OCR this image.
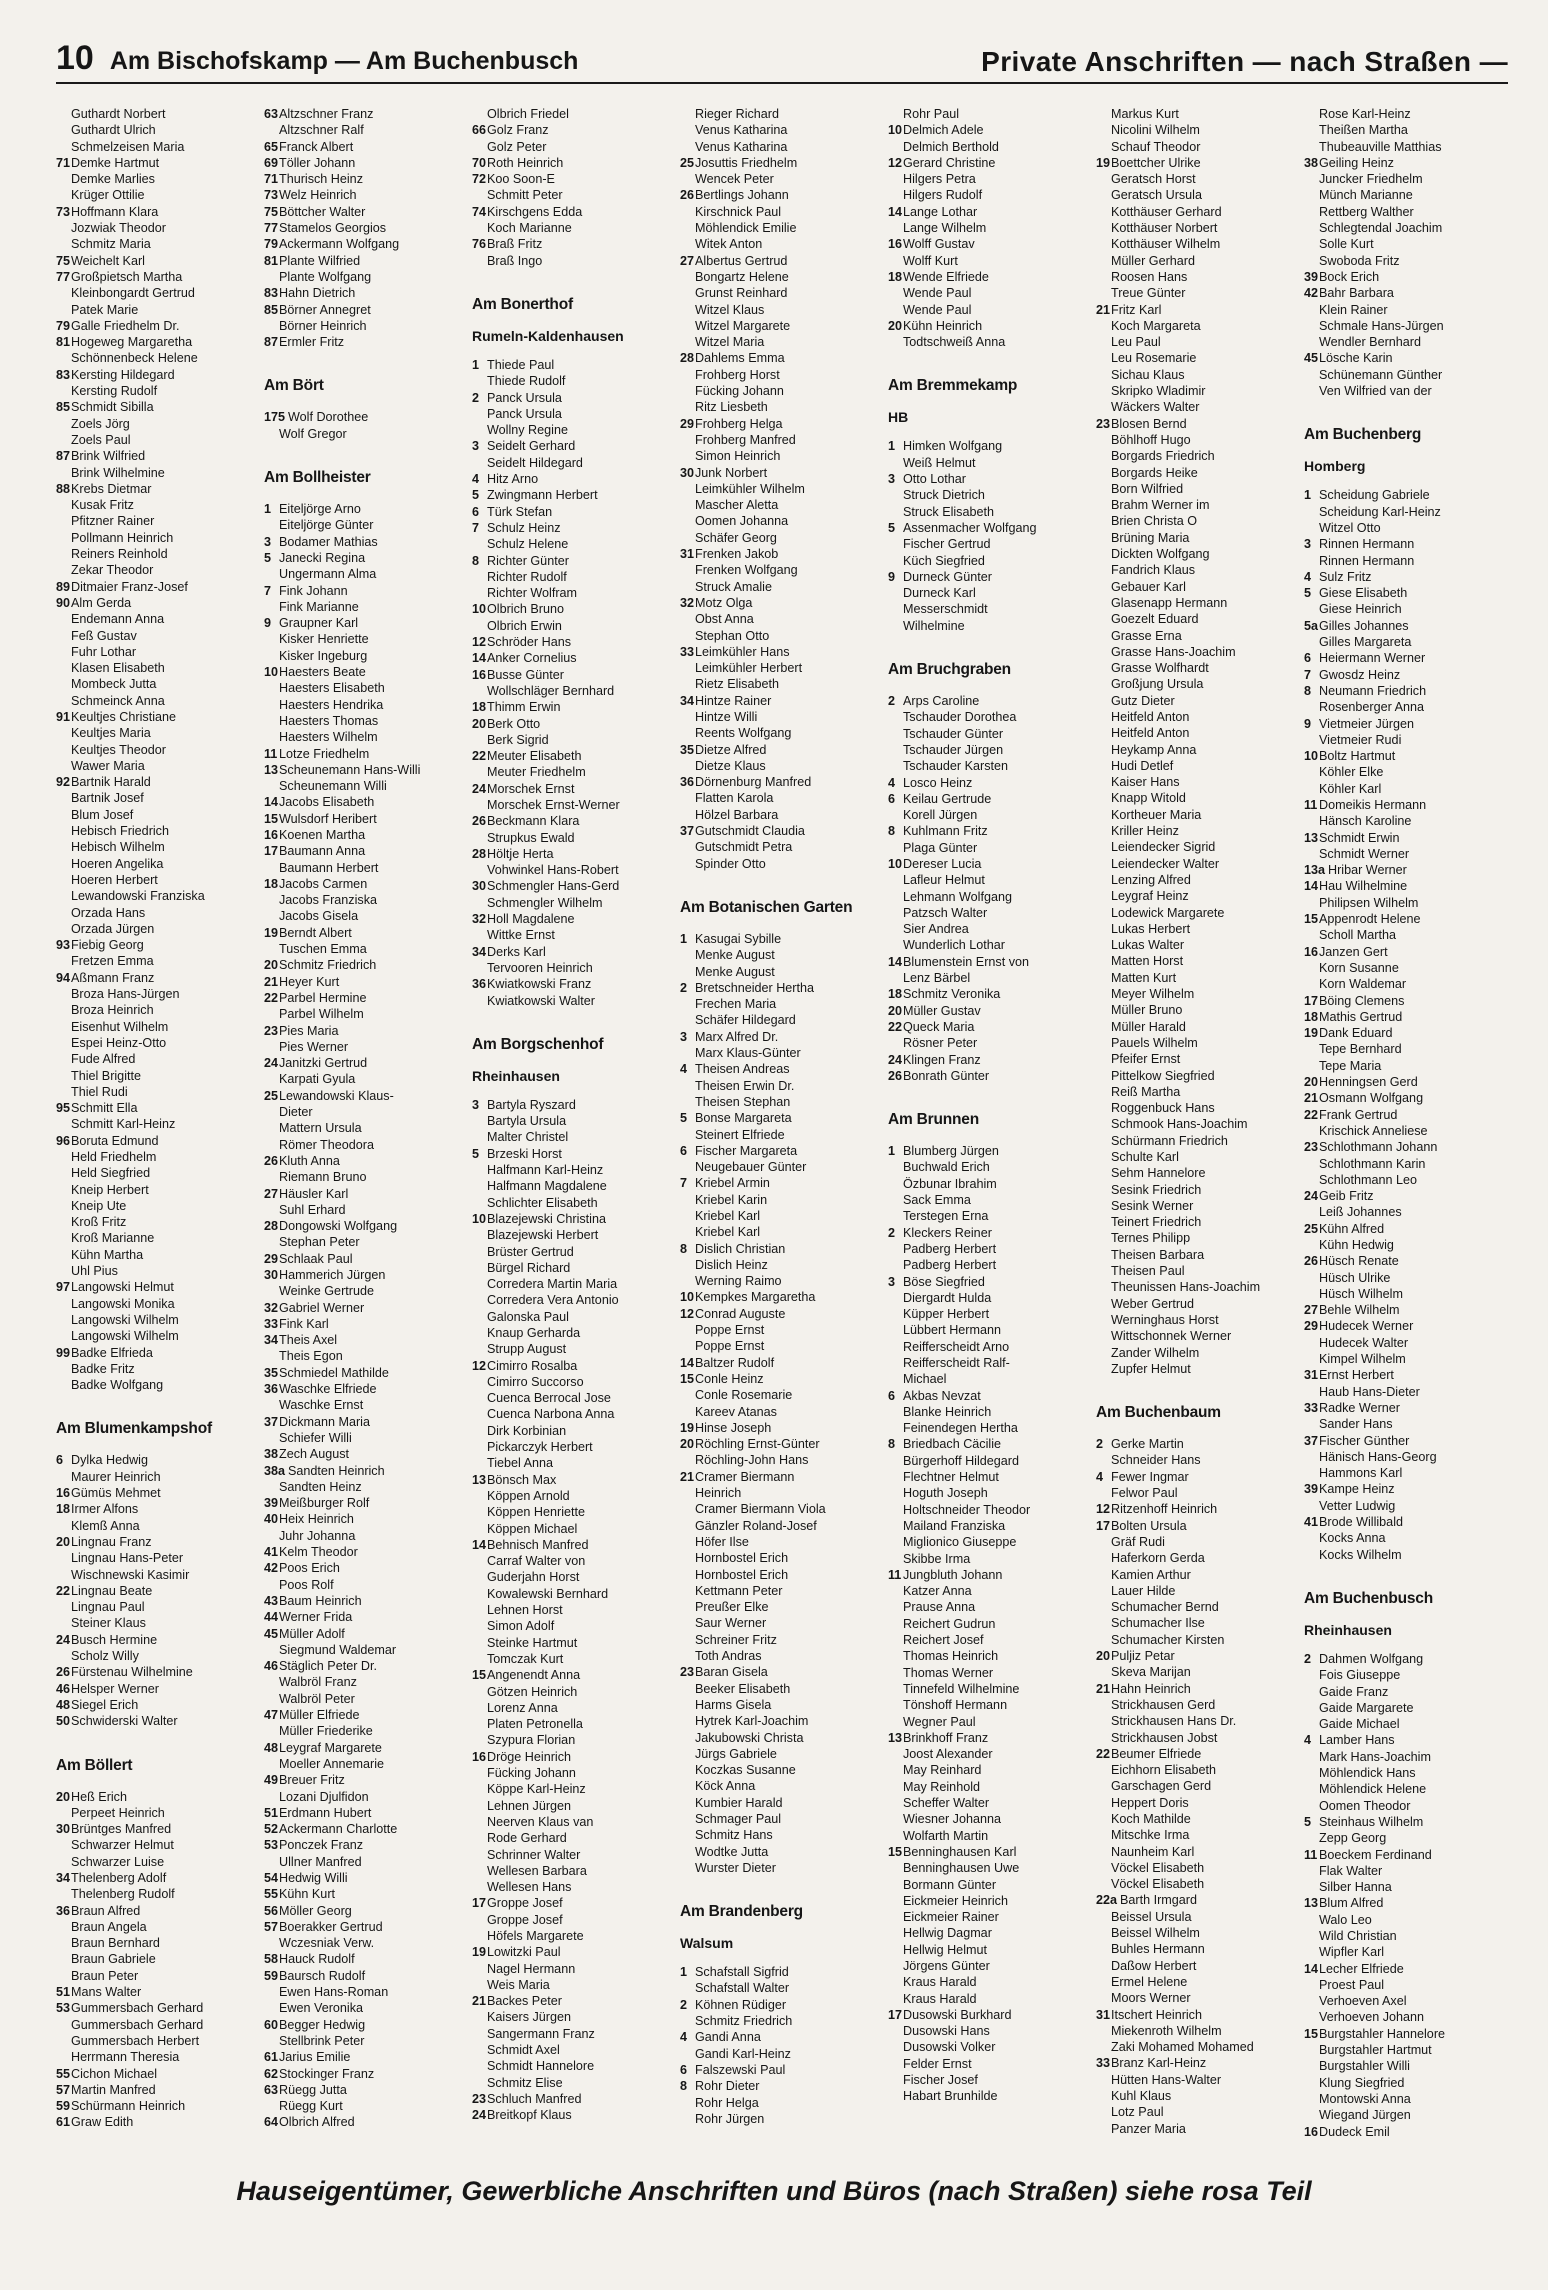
10 Am Bischofskamp — Am Buchenbusch	Private Anschriften — nach Straßen —
Guthardt Norbert
Guthardt Ulrich
Schmelzeisen Maria
71 Demke Hartmut
Demke Marlies
Krüger Ottilie
73 Hoffmann Klara
Jozwiak Theodor
Schmitz Maria
75 Weichelt Karl
77 Großpietsch Martha
Kleinbongardt Gertrud
Patek Marie
79 Galle Friedhelm Dr.
81 Hogeweg Margaretha
Schönnenbeck Helene
83 Kersting Hildegard
Kersting Rudolf
85 Schmidt Sibilla
Zoels Jörg
Zoels Paul
87 Brink Wilfried
Brink Wilhelmine
88 Krebs Dietmar
Kusak Fritz
Pfitzner Rainer
Pollmann Heinrich
Reiners Reinhold
Zekar Theodor
89 Ditmaier Franz-Josef
90 Alm Gerda
Endemann Anna
Feß Gustav
Fuhr Lothar
Klasen Elisabeth
Mombeck Jutta
Schmeinck Anna
91 Keultjes Christiane
Keultjes Maria
Keultjes Theodor
Wawer Maria
92 Bartnik Harald
Bartnik Josef
Blum Josef
Hebisch Friedrich
Hebisch Wilhelm
Hoeren Angelika
Hoeren Herbert
Lewandowski Franziska
Orzada Hans
Orzada Jürgen
93 Fiebig Georg
Fretzen Emma
94 Aßmann Franz
Broza Hans-Jürgen
Broza Heinrich
Eisenhut Wilhelm
Espei Heinz-Otto
Fude Alfred
Thiel Brigitte
Thiel Rudi
95 Schmitt Ella
Schmitt Karl-Heinz
96 Boruta Edmund
Held Friedhelm
Held Siegfried
Kneip Herbert
Kneip Ute
Kroß Fritz
Kroß Marianne
Kühn Martha
Uhl Pius
97 Langowski Helmut
Langowski Monika
Langowski Wilhelm
Langowski Wilhelm
99 Badke Elfrieda
Badke Fritz
Badke Wolfgang
Am Blumenkampshof
6 Dylka Hedwig
Maurer Heinrich
16 Gümüs Mehmet
18 Irmer Alfons
Klemß Anna
20 Lingnau Franz
Lingnau Hans-Peter
Wischnewski Kasimir
22 Lingnau Beate
Lingnau Paul
Steiner Klaus
24 Busch Hermine
Scholz Willy
26 Fürstenau Wilhelmine
46 Helsper Werner
48 Siegel Erich
50 Schwiderski Walter
Am Böllert
20 Heß Erich
Perpeet Heinrich
30 Brüntges Manfred
Schwarzer Helmut
Schwarzer Luise
34 Thelenberg Adolf
Thelenberg Rudolf
36 Braun Alfred
Braun Angela
Braun Bernhard
Braun Gabriele
Braun Peter
51 Mans Walter
53 Gummersbach Gerhard
Gummersbach Gerhard
Gummersbach Herbert
Herrmann Theresia
55 Cichon Michael
57 Martin Manfred
59 Schürmann Heinrich
61 Graw Edith
63 Altzschner Franz
Altzschner Ralf
65 Franck Albert
69 Töller Johann
71 Thurisch Heinz
73 Welz Heinrich
75 Böttcher Walter
77 Stamelos Georgios
79 Ackermann Wolfgang
81 Plante Wilfried
Plante Wolfgang
83 Hahn Dietrich
85 Börner Annegret
Börner Heinrich
87 Ermler Fritz
Am Bört
175 Wolf Dorothee
Wolf Gregor
Am Bollheister
1 Eiteljörge Arno
Eiteljörge Günter
3 Bodamer Mathias
5 Janecki Regina
Ungermann Alma
7 Fink Johann
Fink Marianne
9 Graupner Karl
Kisker Henriette
Kisker Ingeburg
10 Haesters Beate
Haesters Elisabeth
Haesters Hendrika
Haesters Thomas
Haesters Wilhelm
11 Lotze Friedhelm
13 Scheunemann Hans-Willi
Scheunemann Willi
14 Jacobs Elisabeth
15 Wulsdorf Heribert
16 Koenen Martha
17 Baumann Anna
Baumann Herbert
18 Jacobs Carmen
Jacobs Franziska
Jacobs Gisela
19 Berndt Albert
Tuschen Emma
20 Schmitz Friedrich
21 Heyer Kurt
22 Parbel Hermine
Parbel Wilhelm
23 Pies Maria
Pies Werner
24 Janitzki Gertrud
Karpati Gyula
25 Lewandowski Klaus-
Dieter
Mattern Ursula
Römer Theodora
26 Kluth Anna
Riemann Bruno
27 Häusler Karl
Suhl Erhard
28 Dongowski Wolfgang
Stephan Peter
29 Schlaak Paul
30 Hammerich Jürgen
Weinke Gertrude
32 Gabriel Werner
33 Fink Karl
34 Theis Axel
Theis Egon
35 Schmiedel Mathilde
36 Waschke Elfriede
Waschke Ernst
37 Dickmann Maria
Schiefer Willi
38 Zech August
38a Sandten Heinrich
Sandten Heinz
39 Meißburger Rolf
40 Heix Heinrich
Juhr Johanna
41 Kelm Theodor
42 Poos Erich
Poos Rolf
43 Baum Heinrich
44 Werner Frida
45 Müller Adolf
Siegmund Waldemar
46 Stäglich Peter Dr.
Walbröl Franz
Walbröl Peter
47 Müller Elfriede
Müller Friederike
48 Leygraf Margarete
Moeller Annemarie
49 Breuer Fritz
Lozani Djulfidon
51 Erdmann Hubert
52 Ackermann Charlotte
53 Ponczek Franz
Ullner Manfred
54 Hedwig Willi
55 Kühn Kurt
56 Möller Georg
57 Boerakker Gertrud
Wczesniak Verw.
58 Hauck Rudolf
59 Baursch Rudolf
Ewen Hans-Roman
Ewen Veronika
60 Begger Hedwig
Stellbrink Peter
61 Jarius Emilie
62 Stockinger Franz
63 Rüegg Jutta
Rüegg Kurt
64 Olbrich Alfred
Olbrich Friedel
66 Golz Franz
Golz Peter
70 Roth Heinrich
72 Koo Soon-E
Schmitt Peter
74 Kirschgens Edda
Koch Marianne
76 Braß Fritz
Braß Ingo
Am Bonerthof
Rumeln-Kaldenhausen
1 Thiede Paul
Thiede Rudolf
2 Panck Ursula
Panck Ursula
Wollny Regine
3 Seidelt Gerhard
Seidelt Hildegard
4 Hitz Arno
5 Zwingmann Herbert
6 Türk Stefan
7 Schulz Heinz
Schulz Helene
8 Richter Günter
Richter Rudolf
Richter Wolfram
10 Olbrich Bruno
Olbrich Erwin
12 Schröder Hans
14 Anker Cornelius
16 Busse Günter
Wollschläger Bernhard
18 Thimm Erwin
20 Berk Otto
Berk Sigrid
22 Meuter Elisabeth
Meuter Friedhelm
24 Morschek Ernst
Morschek Ernst-Werner
26 Beckmann Klara
Strupkus Ewald
28 Höltje Herta
Vohwinkel Hans-Robert
30 Schmengler Hans-Gerd
Schmengler Wilhelm
32 Holl Magdalene
Wittke Ernst
34 Derks Karl
Tervooren Heinrich
36 Kwiatkowski Franz
Kwiatkowski Walter
Am Borgschenhof
Rheinhausen
3 Bartyla Ryszard
Bartyla Ursula
Malter Christel
5 Brzeski Horst
Halfmann Karl-Heinz
Halfmann Magdalene
Schlichter Elisabeth
10 Blazejewski Christina
Blazejewski Herbert
Brüster Gertrud
Bürgel Richard
Corredera Martin Maria
Corredera Vera Antonio
Galonska Paul
Knaup Gerharda
Strupp August
12 Cimirro Rosalba
Cimirro Succorso
Cuenca Berrocal Jose
Cuenca Narbona Anna
Dirk Korbinian
Pickarczyk Herbert
Tiebel Anna
13 Bönsch Max
Köppen Arnold
Köppen Henriette
Köppen Michael
14 Behnisch Manfred
Carraf Walter von
Guderjahn Horst
Kowalewski Bernhard
Lehnen Horst
Simon Adolf
Steinke Hartmut
Tomczak Kurt
15 Angenendt Anna
Götzen Heinrich
Lorenz Anna
Platen Petronella
Szypura Florian
16 Dröge Heinrich
Fücking Johann
Köppe Karl-Heinz
Lehnen Jürgen
Neerven Klaus van
Rode Gerhard
Schrinner Walter
Wellesen Barbara
Wellesen Hans
17 Groppe Josef
Groppe Josef
Höfels Margarete
19 Lowitzki Paul
Nagel Hermann
Weis Maria
21 Backes Peter
Kaisers Jürgen
Sangermann Franz
Schmidt Axel
Schmidt Hannelore
Schmitz Elise
23 Schluch Manfred
24 Breitkopf Klaus
Rieger Richard
Venus Katharina
Venus Katharina
25 Josuttis Friedhelm
Wencek Peter
26 Bertlings Johann
Kirschnick Paul
Möhlendick Emilie
Witek Anton
27 Albertus Gertrud
Bongartz Helene
Grunst Reinhard
Witzel Klaus
Witzel Margarete
Witzel Maria
28 Dahlems Emma
Frohberg Horst
Fücking Johann
Ritz Liesbeth
29 Frohberg Helga
Frohberg Manfred
Simon Heinrich
30 Junk Norbert
Leimkühler Wilhelm
Mascher Aletta
Oomen Johanna
Schäfer Georg
31 Frenken Jakob
Frenken Wolfgang
Struck Amalie
32 Motz Olga
Obst Anna
Stephan Otto
33 Leimkühler Hans
Leimkühler Herbert
Rietz Elisabeth
34 Hintze Rainer
Hintze Willi
Reents Wolfgang
35 Dietze Alfred
Dietze Klaus
36 Dörnenburg Manfred
Flatten Karola
Hölzel Barbara
37 Gutschmidt Claudia
Gutschmidt Petra
Spinder Otto
Am Botanischen Garten
1 Kasugai Sybille
Menke August
Menke August
2 Bretschneider Hertha
Frechen Maria
Schäfer Hildegard
3 Marx Alfred Dr.
Marx Klaus-Günter
4 Theisen Andreas
Theisen Erwin Dr.
Theisen Stephan
5 Bonse Margareta
Steinert Elfriede
6 Fischer Margareta
Neugebauer Günter
7 Kriebel Armin
Kriebel Karin
Kriebel Karl
Kriebel Karl
8 Dislich Christian
Dislich Heinz
Werning Raimo
10 Kempkes Margaretha
12 Conrad Auguste
Poppe Ernst
Poppe Ernst
14 Baltzer Rudolf
15 Conle Heinz
Conle Rosemarie
Kareev Atanas
19 Hinse Joseph
20 Röchling Ernst-Günter
Röchling-John Hans
21 Cramer Biermann
Heinrich
Cramer Biermann Viola
Gänzler Roland-Josef
Höfer Ilse
Hornbostel Erich
Hornbostel Erich
Kettmann Peter
Preußer Elke
Saur Werner
Schreiner Fritz
Toth Andras
23 Baran Gisela
Beeker Elisabeth
Harms Gisela
Hytrek Karl-Joachim
Jakubowski Christa
Jürgs Gabriele
Koczkas Susanne
Köck Anna
Kumbier Harald
Schmager Paul
Schmitz Hans
Wodtke Jutta
Wurster Dieter
Am Brandenberg
Walsum
1 Schafstall Sigfrid
Schafstall Walter
2 Köhnen Rüdiger
Schmitz Friedrich
4 Gandi Anna
Gandi Karl-Heinz
6 Falszewski Paul
8 Rohr Dieter
Rohr Helga
Rohr Jürgen
Rohr Paul
10 Delmich Adele
Delmich Berthold
12 Gerard Christine
Hilgers Petra
Hilgers Rudolf
14 Lange Lothar
Lange Wilhelm
16 Wolff Gustav
Wolff Kurt
18 Wende Elfriede
Wende Paul
Wende Paul
20 Kühn Heinrich
Todtschweiß Anna
Am Bremmekamp
HB
1 Himken Wolfgang
Weiß Helmut
3 Otto Lothar
Struck Dietrich
Struck Elisabeth
5 Assenmacher Wolfgang
Fischer Gertrud
Küch Siegfried
9 Durneck Günter
Durneck Karl
Messerschmidt
Wilhelmine
Am Bruchgraben
2 Arps Caroline
Tschauder Dorothea
Tschauder Günter
Tschauder Jürgen
Tschauder Karsten
4 Losco Heinz
6 Keilau Gertrude
Korell Jürgen
8 Kuhlmann Fritz
Plaga Günter
10 Dereser Lucia
Lafleur Helmut
Lehmann Wolfgang
Patzsch Walter
Sier Andrea
Wunderlich Lothar
14 Blumenstein Ernst von
Lenz Bärbel
18 Schmitz Veronika
20 Müller Gustav
22 Queck Maria
Rösner Peter
24 Klingen Franz
26 Bonrath Günter
Am Brunnen
1 Blumberg Jürgen
Buchwald Erich
Özbunar Ibrahim
Sack Emma
Terstegen Erna
2 Kleckers Reiner
Padberg Herbert
Padberg Herbert
3 Böse Siegfried
Diergardt Hulda
Küpper Herbert
Lübbert Hermann
Reifferscheidt Arno
Reifferscheidt Ralf-
Michael
6 Akbas Nevzat
Blanke Heinrich
Feinendegen Hertha
8 Briedbach Cäcilie
Bürgerhoff Hildegard
Flechtner Helmut
Hoguth Joseph
Holtschneider Theodor
Mailand Franziska
Miglionico Giuseppe
Skibbe Irma
11 Jungbluth Johann
Katzer Anna
Prause Anna
Reichert Gudrun
Reichert Josef
Thomas Heinrich
Thomas Werner
Tinnefeld Wilhelmine
Tönshoff Hermann
Wegner Paul
13 Brinkhoff Franz
Joost Alexander
May Reinhard
May Reinhold
Scheffer Walter
Wiesner Johanna
Wolfarth Martin
15 Benninghausen Karl
Benninghausen Uwe
Bormann Günter
Eickmeier Heinrich
Eickmeier Rainer
Hellwig Dagmar
Hellwig Helmut
Jörgens Günter
Kraus Harald
Kraus Harald
17 Dusowski Burkhard
Dusowski Hans
Dusowski Volker
Felder Ernst
Fischer Josef
Habart Brunhilde
Markus Kurt
Nicolini Wilhelm
Schauf Theodor
19 Boettcher Ulrike
Geratsch Horst
Geratsch Ursula
Kotthäuser Gerhard
Kotthäuser Norbert
Kotthäuser Wilhelm
Müller Gerhard
Roosen Hans
Treue Günter
21 Fritz Karl
Koch Margareta
Leu Paul
Leu Rosemarie
Sichau Klaus
Skripko Wladimir
Wäckers Walter
23 Blosen Bernd
Böhlhoff Hugo
Borgards Friedrich
Borgards Heike
Born Wilfried
Brahm Werner im
Brien Christa O
Brüning Maria
Dickten Wolfgang
Fandrich Klaus
Gebauer Karl
Glasenapp Hermann
Goezelt Eduard
Grasse Erna
Grasse Hans-Joachim
Grasse Wolfhardt
Großjung Ursula
Gutz Dieter
Heitfeld Anton
Heitfeld Anton
Heykamp Anna
Hudi Detlef
Kaiser Hans
Knapp Witold
Kortheuer Maria
Kriller Heinz
Leiendecker Sigrid
Leiendecker Walter
Lenzing Alfred
Leygraf Heinz
Lodewick Margarete
Lukas Herbert
Lukas Walter
Matten Horst
Matten Kurt
Meyer Wilhelm
Müller Bruno
Müller Harald
Pauels Wilhelm
Pfeifer Ernst
Pittelkow Siegfried
Reiß Martha
Roggenbuck Hans
Schmook Hans-Joachim
Schürmann Friedrich
Schulte Karl
Sehm Hannelore
Sesink Friedrich
Sesink Werner
Teinert Friedrich
Ternes Philipp
Theisen Barbara
Theisen Paul
Theunissen Hans-Joachim
Weber Gertrud
Werninghaus Horst
Wittschonnek Werner
Zander Wilhelm
Zupfer Helmut
Am Buchenbaum
2 Gerke Martin
Schneider Hans
4 Fewer Ingmar
Felwor Paul
12 Ritzenhoff Heinrich
17 Bolten Ursula
Gräf Rudi
Haferkorn Gerda
Kamien Arthur
Lauer Hilde
Schumacher Bernd
Schumacher Ilse
Schumacher Kirsten
20 Puljiz Petar
Skeva Marijan
21 Hahn Heinrich
Strickhausen Gerd
Strickhausen Hans Dr.
Strickhausen Jobst
22 Beumer Elfriede
Eichhorn Elisabeth
Garschagen Gerd
Heppert Doris
Koch Mathilde
Mitschke Irma
Naunheim Karl
Vöckel Elisabeth
Vöckel Elisabeth
22a Barth Irmgard
Beissel Ursula
Beissel Wilhelm
Buhles Hermann
Daßow Herbert
Ermel Helene
Moors Werner
31 Itschert Heinrich
Miekenroth Wilhelm
Zaki Mohamed Mohamed
33 Branz Karl-Heinz
Hütten Hans-Walter
Kuhl Klaus
Lotz Paul
Panzer Maria
Rose Karl-Heinz
Theißen Martha
Thubeauville Matthias
38 Geiling Heinz
Juncker Friedhelm
Münch Marianne
Rettberg Walther
Schlegtendal Joachim
Solle Kurt
Swoboda Fritz
39 Bock Erich
42 Bahr Barbara
Klein Rainer
Schmale Hans-Jürgen
Wendler Bernhard
45 Lösche Karin
Schünemann Günther
Ven Wilfried van der
Am Buchenberg
Homberg
1 Scheidung Gabriele
Scheidung Karl-Heinz
Witzel Otto
3 Rinnen Hermann
Rinnen Hermann
4 Sulz Fritz
5 Giese Elisabeth
Giese Heinrich
5a Gilles Johannes
Gilles Margareta
6 Heiermann Werner
7 Gwosdz Heinz
8 Neumann Friedrich
Rosenberger Anna
9 Vietmeier Jürgen
Vietmeier Rudi
10 Boltz Hartmut
Köhler Elke
Köhler Karl
11 Domeikis Hermann
Hänsch Karoline
13 Schmidt Erwin
Schmidt Werner
13a Hribar Werner
14 Hau Wilhelmine
Philipsen Wilhelm
15 Appenrodt Helene
Scholl Martha
16 Janzen Gert
Korn Susanne
Korn Waldemar
17 Böing Clemens
18 Mathis Gertrud
19 Dank Eduard
Tepe Bernhard
Tepe Maria
20 Henningsen Gerd
21 Osmann Wolfgang
22 Frank Gertrud
Krischick Anneliese
23 Schlothmann Johann
Schlothmann Karin
Schlothmann Leo
24 Geib Fritz
Leiß Johannes
25 Kühn Alfred
Kühn Hedwig
26 Hüsch Renate
Hüsch Ulrike
Hüsch Wilhelm
27 Behle Wilhelm
29 Hudecek Werner
Hudecek Walter
Kimpel Wilhelm
31 Ernst Herbert
Haub Hans-Dieter
33 Radke Werner
Sander Hans
37 Fischer Günther
Hänisch Hans-Georg
Hammons Karl
39 Kampe Heinz
Vetter Ludwig
41 Brode Willibald
Kocks Anna
Kocks Wilhelm
Am Buchenbusch
Rheinhausen
2 Dahmen Wolfgang
Fois Giuseppe
Gaide Franz
Gaide Margarete
Gaide Michael
4 Lamber Hans
Mark Hans-Joachim
Möhlendick Hans
Möhlendick Helene
Oomen Theodor
5 Steinhaus Wilhelm
Zepp Georg
11 Boeckem Ferdinand
Flak Walter
Silber Hanna
13 Blum Alfred
Walo Leo
Wild Christian
Wipfler Karl
14 Lecher Elfriede
Proest Paul
Verhoeven Axel
Verhoeven Johann
15 Burgstahler Hannelore
Burgstahler Hartmut
Burgstahler Willi
Klung Siegfried
Montowski Anna
Wiegand Jürgen
16 Dudeck Emil
Hauseigentümer, Gewerbliche Anschriften und Büros (nach Straßen) siehe rosa Teil
